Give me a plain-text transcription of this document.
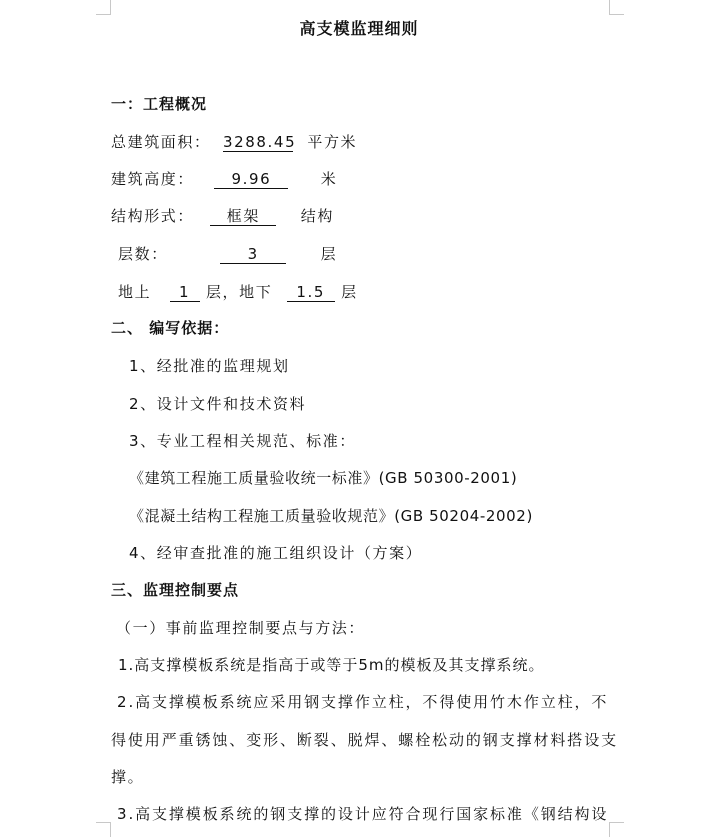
高支模监理细则
一：工程概况
总建筑面积： 3288.45 平方米
建筑高度： 9.96	米
结构形式： 框架	结构
层数：	3	层
地上 1 层，地下 1.5 层
二、 编写依据：
1、经批准的监理规划
2、设计文件和技术资料
3、专业工程相关规范、标准：
《建筑工程施工质量验收统一标准》(GB 50300-2001)
《混凝土结构工程施工质量验收规范》(GB 50204-2002)
4、经审查批准的施工组织设计（方案）
三、监理控制要点
（一）事前监理控制要点与方法：
1.高支撑模板系统是指高于或等于5m的模板及其支撑系统。
2.高支撑模板系统应采用钢支撑作立柱，不得使用竹木作立柱，不
得使用严重锈蚀、变形、断裂、脱焊、螺栓松动的钢支撑材料搭设支
撑。
3.高支撑模板系统的钢支撑的设计应符合现行国家标准《钢结构设
